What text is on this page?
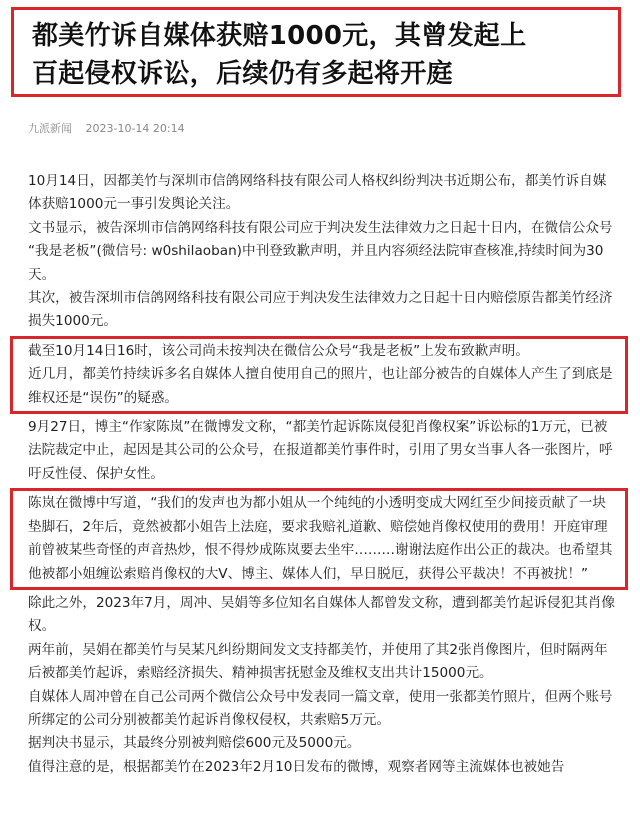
都美竹诉自媒体获赔1000元，其曾发起上
百起侵权诉讼，后续仍有多起将开庭
九派新闻 2023-10-14 20:14

10月14日，因都美竹与深圳市信鸽网络科技有限公司人格权纠纷判决书近期公布，都美竹诉自媒体获赔1000元一事引发舆论关注。

文书显示，被告深圳市信鸽网络科技有限公司应于判决发生法律效力之日起十日内，在微信公众号 “我是老板”(微信号: w0shilaoban)中刊登致歉声明，并且内容须经法院审查核准,持续时间为30天。

其次，被告深圳市信鸽网络科技有限公司应于判决发生法律效力之日起十日内赔偿原告都美竹经济损失1000元。

截至10月14日16时，该公司尚未按判决在微信公众号“我是老板”上发布致歉声明。

近几月，都美竹持续诉多名自媒体人擅自使用自己的照片，也让部分被告的自媒体人产生了到底是维权还是“误伤”的疑惑。

9月27日，博主“作家陈岚”在微博发文称，“都美竹起诉陈岚侵犯肖像权案”诉讼标的1万元，已被法院裁定中止，起因是其公司的公众号，在报道都美竹事件时，引用了男女当事人各一张图片，呼吁反性侵、保护女性。

陈岚在微博中写道，“我们的发声也为都小姐从一个纯纯的小透明变成大网红至少间接贡献了一块垫脚石，2年后，竟然被都小姐告上法庭，要求我赔礼道歉、赔偿她肖像权使用的费用！开庭审理前曾被某些奇怪的声音热炒，恨不得炒成陈岚要去坐牢………谢谢法庭作出公正的裁决。也希望其他被都小姐缠讼索赔肖像权的大V、博主、媒体人们，早日脱厄，获得公平裁决！不再被扰！”

除此之外，2023年7月，周冲、吴娟等多位知名自媒体人都曾发文称，遭到都美竹起诉侵犯其肖像权。

两年前，吴娟在都美竹与吴某凡纠纷期间发文支持都美竹，并使用了其2张肖像图片，但时隔两年后被都美竹起诉，索赔经济损失、精神损害抚慰金及维权支出共计15000元。

自媒体人周冲曾在自己公司两个微信公众号中发表同一篇文章，使用一张都美竹照片，但两个账号所绑定的公司分别被都美竹起诉肖像权侵权，共索赔5万元。

据判决书显示，其最终分别被判赔偿600元及5000元。

值得注意的是，根据都美竹在2023年2月10日发布的微博，观察者网等主流媒体也被她告
